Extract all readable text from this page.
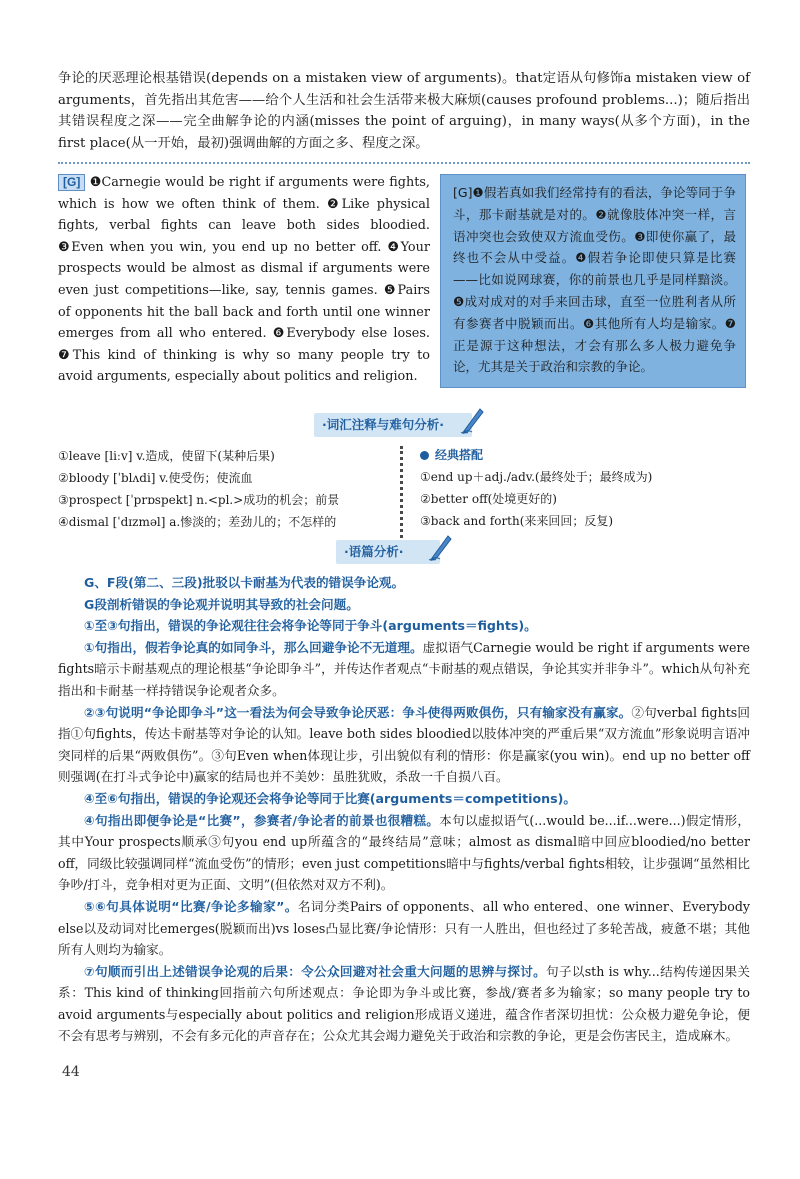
争论的厌恶理论根基错误(depends on a mistaken view of arguments)。that定语从句修饰a mistaken view of arguments，首先指出其危害——给个人生活和社会生活带来极大麻烦(causes profound problems...)；随后指出其错误程度之深——完全曲解争论的内涵(misses the point of arguing)，in many ways(从多个方面)，in the first place(从一开始，最初)强调曲解的方面之多、程度之深。
[G] ❶Carnegie would be right if arguments were fights, which is how we often think of them. ❷Like physical fights, verbal fights can leave both sides bloodied. ❸Even when you win, you end up no better off. ❹Your prospects would be almost as dismal if arguments were even just competitions—like, say, tennis games. ❺Pairs of opponents hit the ball back and forth until one winner emerges from all who entered. ❻Everybody else loses. ❼This kind of thinking is why so many people try to avoid arguments, especially about politics and religion.
[G]❶假若真如我们经常持有的看法，争论等同于争斗，那卡耐基就是对的。❷就像肢体冲突一样，言语冲突也会致使双方流血受伤。❸即使你赢了，最终也不会从中受益。❹假若争论即使只算是比赛——比如说网球赛，你的前景也几乎是同样黯淡。❺成对成对的对手来回击球，直至一位胜利者从所有参赛者中脱颖而出。❻其他所有人均是输家。❼正是源于这种想法，才会有那么多人极力避免争论，尤其是关于政治和宗教的争论。
·词汇注释与难句分析·
①leave [liːv] v.造成，使留下(某种后果)
②bloody [ˈblʌdi] v.使受伤；使流血
③prospect [ˈprɒspekt] n.<pl.>成功的机会；前景
④dismal [ˈdɪzməl] a.惨淡的；差劲儿的；不怎样的
经典搭配
①end up＋adj./adv.(最终处于；最终成为)
②better off(处境更好的)
③back and forth(来来回回；反复)
·语篇分析·

G、F段(第二、三段)批驳以卡耐基为代表的错误争论观。

G段剖析错误的争论观并说明其导致的社会问题。

①至③句指出，错误的争论观往往会将争论等同于争斗(arguments＝fights)。

①句指出，假若争论真的如同争斗，那么回避争论不无道理。虚拟语气Carnegie would be right if arguments were fights暗示卡耐基观点的理论根基“争论即争斗”，并传达作者观点“卡耐基的观点错误，争论其实并非争斗”。which从句补充指出和卡耐基一样持错误争论观者众多。

②③句说明“争论即争斗”这一看法为何会导致争论厌恶：争斗使得两败俱伤，只有输家没有赢家。②句verbal fights回指①句fights，传达卡耐基等对争论的认知。leave both sides bloodied以肢体冲突的严重后果“双方流血”形象说明言语冲突同样的后果“两败俱伤”。③句Even when体现让步，引出貌似有利的情形：你是赢家(you win)。end up no better off则强调(在打斗式争论中)赢家的结局也并不美妙：虽胜犹败，杀敌一千自损八百。

④至⑥句指出，错误的争论观还会将争论等同于比赛(arguments＝competitions)。

④句指出即便争论是“比赛”，参赛者/争论者的前景也很糟糕。本句以虚拟语气(...would be...if...were...)假定情形，其中Your prospects顺承③句you end up所蕴含的“最终结局”意味；almost as dismal暗中回应bloodied/no better off，同级比较强调同样“流血受伤”的情形；even just competitions暗中与fights/verbal fights相较，让步强调“虽然相比争吵/打斗，竞争相对更为正面、文明”(但依然对双方不利)。

⑤⑥句具体说明“比赛/争论多输家”。名词分类Pairs of opponents、all who entered、one winner、Everybody else以及动词对比emerges(脱颖而出)vs loses凸显比赛/争论情形：只有一人胜出，但也经过了多轮苦战，疲惫不堪；其他所有人则均为输家。

⑦句顺而引出上述错误争论观的后果：令公众回避对社会重大问题的思辨与探讨。句子以sth is why...结构传递因果关系：This kind of thinking回指前六句所述观点：争论即为争斗或比赛，参战/赛者多为输家；so many people try to avoid arguments与especially about politics and religion形成语义递进，蕴含作者深切担忧：公众极力避免争论，便不会有思考与辨别，不会有多元化的声音存在；公众尤其会竭力避免关于政治和宗教的争论，更是会伤害民主，造成麻木。

44
